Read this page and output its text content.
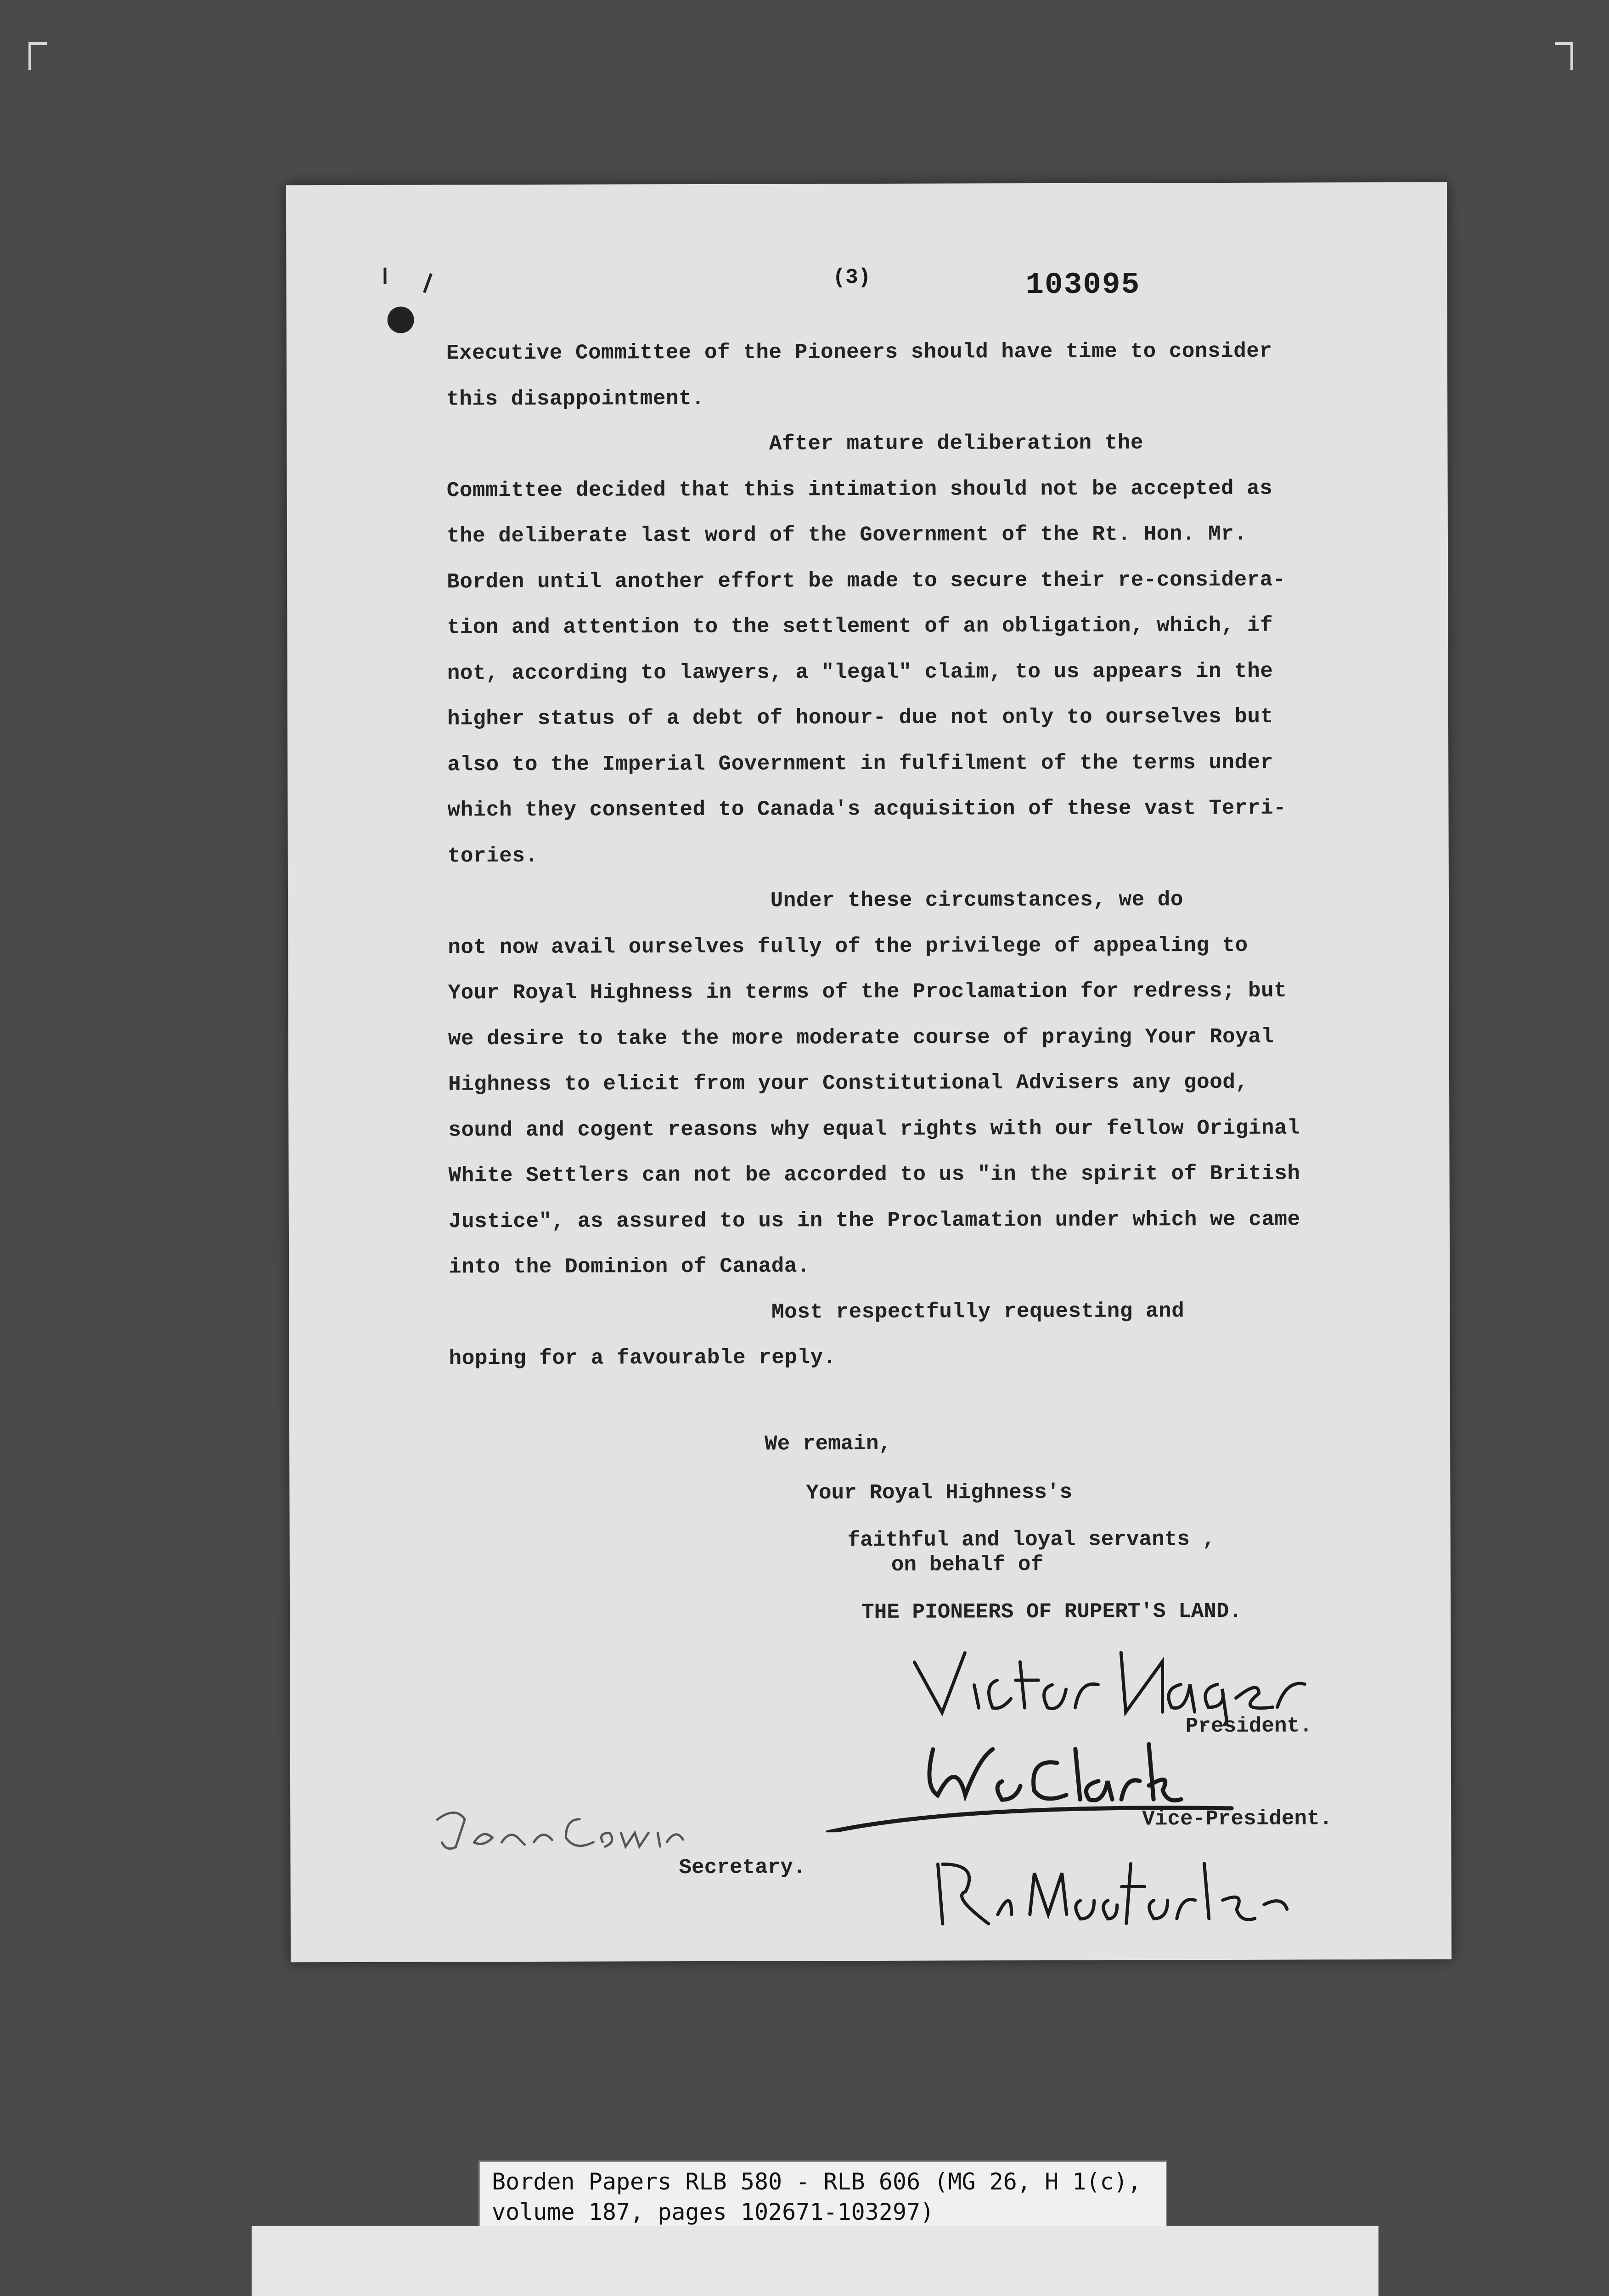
(3)	103095

Executive Committee of the Pioneers should have time to consider
this disappointment.

After mature deliberation the
Committee decided that this intimation should not be accepted as
the deliberate last word of the Government of the Rt. Hon. Mr.
Borden until another effort be made to secure their re-considera-
tion and attention to the settlement of an obligation, which, if
not, according to lawyers, a "legal" claim, to us appears in the
higher status of a debt of honour- due not only to ourselves but
also to the Imperial Government in fulfilment of the terms under
which they consented to Canada's acquisition of these vast Terri-
tories.

Under these circumstances, we do
not now avail ourselves fully of the privilege of appealing to
Your Royal Highness in terms of the Proclamation for redress; but
we desire to take the more moderate course of praying Your Royal
Highness to elicit from your Constitutional Advisers any good,
sound and cogent reasons why equal rights with our fellow Original
White Settlers can not be accorded to us "in the spirit of British
Justice", as assured to us in the Proclamation under which we came
into the Dominion of Canada.

Most respectfully requesting and
hoping for a favourable reply.

We remain,
Your Royal Highness's
faithful and loyal servants ,
on behalf of
THE PIONEERS OF RUPERT'S LAND.
President.
Vice-President.
Secretary.
Borden Papers RLB 580 - RLB 606 (MG 26, H 1(c),
volume 187, pages 102671-103297)
